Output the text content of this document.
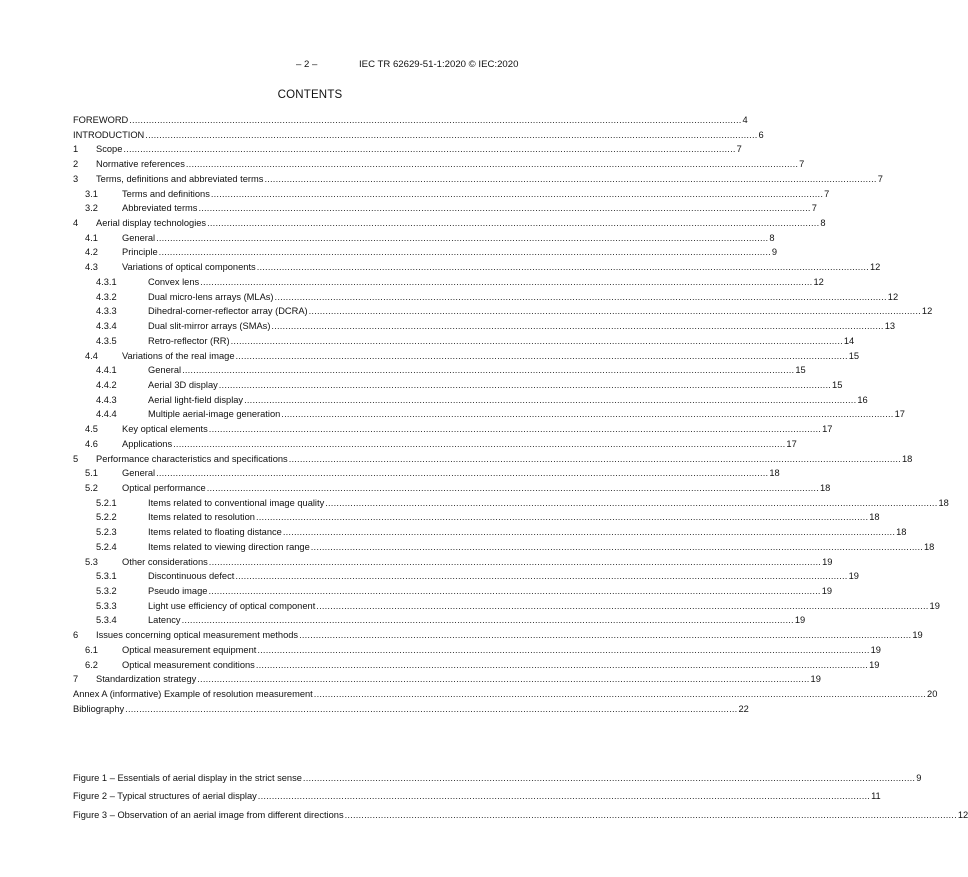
– 2 –	IEC TR 62629-51-1:2020 © IEC:2020
CONTENTS
FOREWORD ............................................................................................................................................................................................................................ 4
INTRODUCTION ............................................................................................................................................................................................................................ 6
1	Scope ............................................................................................................................................................................................................................ 7
2	Normative references ............................................................................................................................................................................................................................ 7
3	Terms, definitions and abbreviated terms ............................................................................................................................................................................................................................ 7
3.1	Terms and definitions ............................................................................................................................................................................................................................ 7
3.2	Abbreviated terms ............................................................................................................................................................................................................................ 7
4	Aerial display technologies ............................................................................................................................................................................................................................ 8
4.1	General ............................................................................................................................................................................................................................ 8
4.2	Principle ............................................................................................................................................................................................................................ 9
4.3	Variations of optical components ............................................................................................................................................................................................................................ 12
4.3.1	Convex lens ............................................................................................................................................................................................................................ 12
4.3.2	Dual micro-lens arrays (MLAs) ............................................................................................................................................................................................................................ 12
4.3.3	Dihedral-corner-reflector array (DCRA) ............................................................................................................................................................................................................................ 12
4.3.4	Dual slit-mirror arrays (SMAs) ............................................................................................................................................................................................................................ 13
4.3.5	Retro-reflector (RR) ............................................................................................................................................................................................................................ 14
4.4	Variations of the real image ............................................................................................................................................................................................................................ 15
4.4.1	General ............................................................................................................................................................................................................................ 15
4.4.2	Aerial 3D display ............................................................................................................................................................................................................................ 15
4.4.3	Aerial light-field display ............................................................................................................................................................................................................................ 16
4.4.4	Multiple aerial-image generation ............................................................................................................................................................................................................................ 17
4.5	Key optical elements ............................................................................................................................................................................................................................ 17
4.6	Applications ............................................................................................................................................................................................................................ 17
5	Performance characteristics and specifications ............................................................................................................................................................................................................................ 18
5.1	General ............................................................................................................................................................................................................................ 18
5.2	Optical performance ............................................................................................................................................................................................................................ 18
5.2.1	Items related to conventional image quality ............................................................................................................................................................................................................................ 18
5.2.2	Items related to resolution ............................................................................................................................................................................................................................ 18
5.2.3	Items related to floating distance ............................................................................................................................................................................................................................ 18
5.2.4	Items related to viewing direction range ............................................................................................................................................................................................................................ 18
5.3	Other considerations ............................................................................................................................................................................................................................ 19
5.3.1	Discontinuous defect ............................................................................................................................................................................................................................ 19
5.3.2	Pseudo image ............................................................................................................................................................................................................................ 19
5.3.3	Light use efficiency of optical component ............................................................................................................................................................................................................................ 19
5.3.4	Latency ............................................................................................................................................................................................................................ 19
6	Issues concerning optical measurement methods ............................................................................................................................................................................................................................ 19
6.1	Optical measurement equipment ............................................................................................................................................................................................................................ 19
6.2	Optical measurement conditions ............................................................................................................................................................................................................................ 19
7	Standardization strategy ............................................................................................................................................................................................................................ 19
Annex A (informative) Example of resolution measurement ............................................................................................................................................................................................................................ 20
Bibliography ............................................................................................................................................................................................................................ 22
Figure 1 – Essentials of aerial display in the strict sense ............................................................................................................................................................................................................................ 9
Figure 2 – Typical structures of aerial display ............................................................................................................................................................................................................................ 11
Figure 3 – Observation of an aerial image from different directions ............................................................................................................................................................................................................................ 12
